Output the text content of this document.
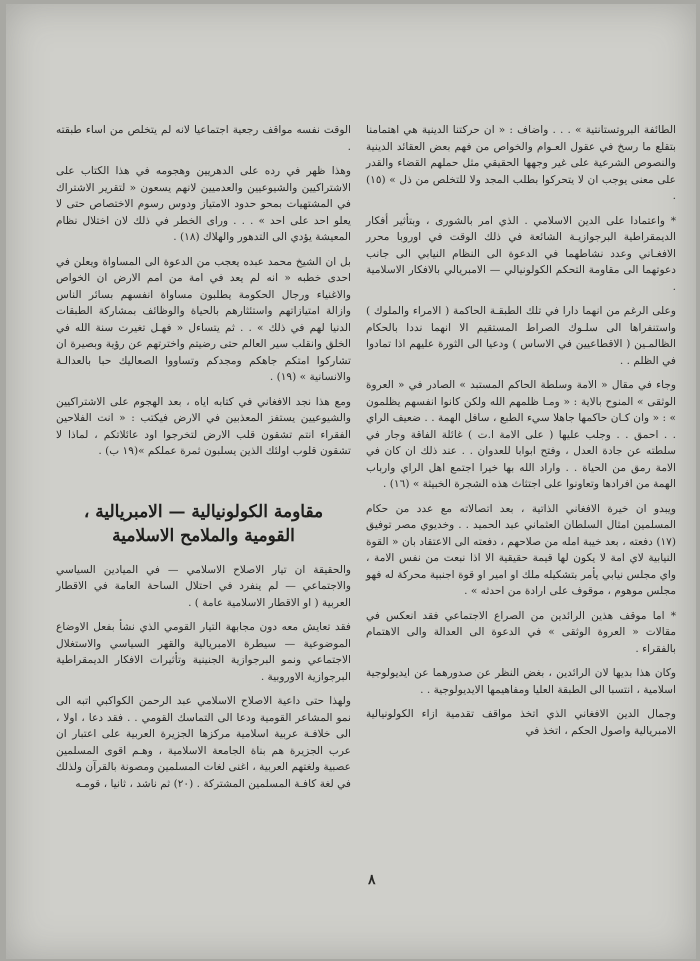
الطائفة البروتستانتية » . . . واضاف : « ان حركتنا الدينية هي اهتمامنا بتقلع ما رسخ في عقول العـوام والخواص من فهم بعض العقائد الدينية والنصوص الشرعية على غير وجهها الحقيقي مثل حملهم القضاء والقدر على معنى يوجب ان لا يتحركوا بطلب المجد ولا للتخلص من ذل » (١٥) .

* واعتمادا على الدين الاسلامي . الذي امر بالشورى ، وبتأثير أفكار الديمقراطية البرجوازيـة الشائعة في ذلك الوقت في اوروبا محرر الافغـاني وعدد نشاطهما في الدعوة الى النظام النيابي الى جانب دعوتهما الى مقاومة التحكم الكولونيالي — الامبريالي بالافكار الاسلامية .

وعلى الرغم من انهما دارا في تلك الطبقـة الحاكمة ( الامراء والملوك ) واستنفراها الى سلـوك الصراط المستقيم الا انهما نددا بالحكام الظالمـين ( الاقطاعيين في الاساس ) ودعيا الى الثورة عليهم اذا تمادوا في الظلم . .

وجاء في مقال « الامة وسلطة الحاكم المستبد » الصادر في « العروة الوثقى » المنوح بالاية : « ومـا ظلمهم الله ولكن كانوا انفسهم يظلمون » : « وان كـان حاكمها جاهلا سيء الطبع ، سافل الهمة . . ضعيف الراي . . احمق . . وجلب عليها ( على الامة ا.ت ) غائلة الفاقة وجار في سلطته عن جادة العدل ، وفتح ابوابا للعدوان . . عند ذلك ان كان في الامة رمق من الحياة . . واراد الله بها خيرا اجتمع اهل الراي وارباب الهمة من افرادها وتعاونوا على اجتثاث هذه الشجرة الخبيثة » (١٦) .

ويبدو ان خيرة الافغاني الذاتية ، بعد اتصالاته مع عدد من حكام المسلمين امثال السلطان العثماني عبد الحميد . . وخديوي مصر توفيق (١٧) دفعته ، بعد خيبة امله من صلاحهم ، دفعته الى الاعتقاد بان « القوة النيابية لاي امة لا يكون لها قيمة حقيقية الا اذا نبعت من نفس الامة ، واي مجلس نيابي يأمر بتشكيله ملك او امير او قوة اجنبية محركة له فهو مجلس موهوم ، موقوف على ارادة من احدثه » .

* اما موقف هذين الرائدين من الصراع الاجتماعي فقد انعكس في مقالات « العروة الوثقى » في الدعوة الى العدالة والى الاهتمام بالفقراء .

وكان هذا بديها لان الرائدين ، بغض النظر عن صدورهما عن ايديولوجية اسلامية ، انتسبا الى الطبقة العليا ومفاهيمها الايديولوجية . .

وجمال الدين الافغاني الذي اتخذ مواقف تقدمية ازاء الكولونيالية الامبريالية واصول الحكم ، اتخذ في

الوقت نفسه مواقف رجعية اجتماعيا لانه لم يتخلص من اساء طبقته .

وهذا ظهر في رده على الدهريين وهجومه في هذا الكتاب على الاشتراكيين والشيوعيين والعدميين لانهم يسعون « لتقرير الاشتراك في المشتهيات بمحو حدود الامتياز ودوس رسوم الاختصاص حتى لا يعلو احد على احد » . . . وراى الخطر في ذلك لان اختلال نظام المعيشة يؤدي الى التدهور والهلاك (١٨) .

بل ان الشيخ محمد عبده يعجب من الدعوة الى المساواة ويعلن في احدى خطبه « انه لم يعد في امة من امم الارض ان الخواص والاغنياء ورجال الحكومة يطلبون مساواة انفسهم بسائر الناس وازالة امتيازاتهم واستئثارهم بالحياة والوظائف بمشاركة الطبقات الدنيا لهم في ذلك » . . ثم يتساءل « فهـل تغيرت سنة الله في الخلق وانقلب سير العالم حتى رضيتم واخترتهم عن رؤية وبصيرة ان تشاركوا امتكم جاهكم ومجدكم وتساووا الصعاليك حبا بالعدالـة والانسانية » (١٩) .

ومع هذا نجد الافغاني في كتابه اياه ، بعد الهجوم على الاشتراكيين والشيوعيين يستفز المعذبين في الارض فيكتب : « انت الفلاحين الفقراء انتم تشقون قلب الارض لتخرجوا اود عائلاتكم ، لماذا لا تشقون قلوب اولئك الذين يسلبون ثمرة عملكم »(١٩ ب) .

مقاومة الكولونيالية — الامبريالية ، القومية والملامح الاسلامية

والحقيقة ان تيار الاصلاح الاسلامي — في الميادين السياسي والاجتماعي — لم ينفرد في احتلال الساحة العامة في الاقطار العربية ( او الاقطار الاسلامية عامة ) .

فقد تعايش معه دون مجابهة التيار القومي الذي نشأ بفعل الاوضاع الموضوعية — سيطرة الامبريالية والقهر السياسي والاستغلال الاجتماعي ونمو البرجوازية الجنينية وتأثيرات الافكار الديمقراطية البرجوازية الاوروبية .

ولهذا حتى داعية الاصلاح الاسلامي عبد الرحمن الكواكبي اتبه الى نمو المشاعر القومية ودعا الى التماسك القومي . . فقد دعا ، اولا ، الى خلافـة عربية اسلامية مركزها الجزيرة العربية على اعتبار ان عرب الجزيرة هم بناة الجامعة الاسلامية ، وهـم اقوى المسلمين عصبية ولغتهم العربية ، اغنى لغات المسلمين ومصونة بالقرآن ولذلك في لغة كافـة المسلمين المشتركة . (٢٠) ثم ناشد ، ثانيا ، قومـه

٨
